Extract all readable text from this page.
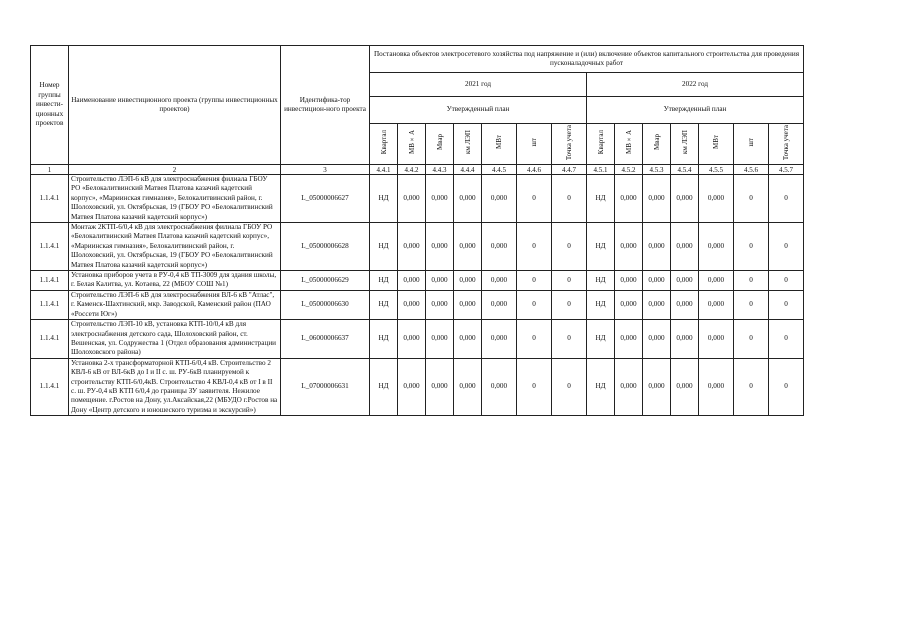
Номер группы инвести-ционных проектов	Наименование инвестиционного проекта (группы инвестиционных проектов)	Идентифика-тор инвестицион-ного проекта	Постановка объектов электросетевого хозяйства под напряжение и (или) включение объектов капитального строительства для проведения пусконаладочных работ													
			2021 год							2022 год						
			Утвержденный план							Утвержденный план						
			Квартал	МВ×А	Мвар	км ЛЭП	МВт	шт	Точка учета	Квартал	МВ×А	Мвар	км ЛЭП	МВт	шт	Точка учета
1	2	3	4.4.1	4.4.2	4.4.3	4.4.4	4.4.5	4.4.6	4.4.7	4.5.1	4.5.2	4.5.3	4.5.4	4.5.5	4.5.6	4.5.7
1.1.4.1	Строительство ЛЭП-6 кВ для электроснабжения филиала ГБОУ РО «Белокалитвинский Матвея Платова казачий кадетский корпус», «Мариинская гимназия», Белокалитвинский район, г. Шолоховский, ул. Октябрьская, 19 (ГБОУ РО «Белокалитвинский Матвея Платова казачий кадетский корпус»)	L_05000006627	НД	0,000	0,000	0,000	0,000	0	0	НД	0,000	0,000	0,000	0,000	0	0
1.1.4.1	Монтаж 2КТП-6/0,4 кВ для электроснабжения филиала ГБОУ РО «Белокалитвинский Матвея Платова казачий кадетский корпус», «Мариинская гимназия», Белокалитвинский район, г. Шолоховский, ул. Октябрьская, 19 (ГБОУ РО «Белокалитвинский Матвея Платова казачий кадетский корпус»)	L_05000006628	НД	0,000	0,000	0,000	0,000	0	0	НД	0,000	0,000	0,000	0,000	0	0
1.1.4.1	Установка приборов учета в РУ-0,4 кВ ТП-3009 для здания школы, г. Белая Калитва, ул. Котаева, 22 (МБОУ СОШ №1)	L_05000006629	НД	0,000	0,000	0,000	0,000	0	0	НД	0,000	0,000	0,000	0,000	0	0
1.1.4.1	Строительство ЛЭП-6 кВ для электроснабжения ВЛ-6 кВ "Атлас", г. Каменск-Шахтинский, мкр. Заводской, Каменский район (ПАО «Россети Юг»)	L_05000006630	НД	0,000	0,000	0,000	0,000	0	0	НД	0,000	0,000	0,000	0,000	0	0
1.1.4.1	Строительство ЛЭП-10 кВ, установка КТП-10/0,4 кВ для электроснабжения детского сада, Шолоховский район, ст. Вешенская, ул. Содружества 1 (Отдел образования администрации Шолоховского района)	L_06000006637	НД	0,000	0,000	0,000	0,000	0	0	НД	0,000	0,000	0,000	0,000	0	0
1.1.4.1	Установка 2-х трансформаторной КТП-6/0,4 кВ. Строительство 2 КВЛ-6 кВ от ВЛ-6кВ до I и II с. ш. РУ-6кВ планируемой к строительству КТП-6/0,4кВ. Строительство 4 КВЛ-0,4 кВ от I в II с. ш. РУ-0,4 кВ КТП 6/0,4 до границы ЗУ заявителя. Нежилое помещение. г.Ростов на Дону, ул.Аксайская,22 (МБУДО г.Ростов на Дону «Центр детского и юношеского туризма и экскурсий»)	L_07000006631	НД	0,000	0,000	0,000	0,000	0	0	НД	0,000	0,000	0,000	0,000	0	0
